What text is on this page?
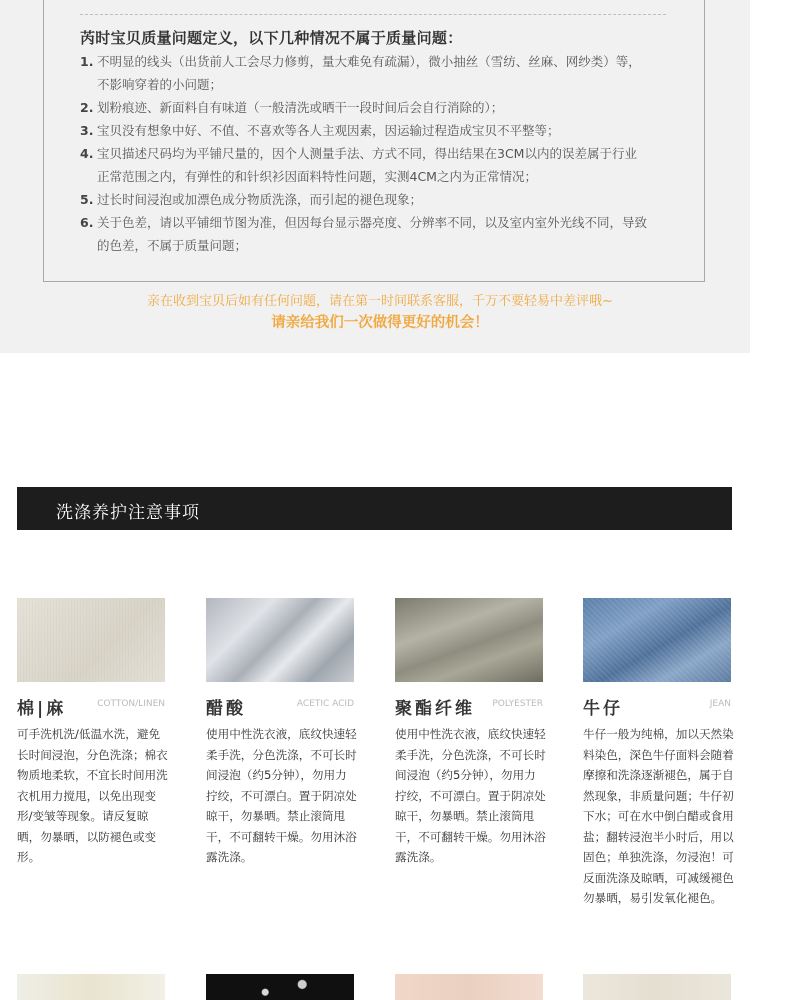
芮时宝贝质量问题定义，以下几种情况不属于质量问题：
1. 不明显的线头（出货前人工会尽力修剪，量大难免有疏漏），微小抽丝（雪纺、丝麻、网纱类）等，
不影响穿着的小问题；
2. 划粉痕迹、新面料自有味道（一般清洗或晒干一段时间后会自行消除的）；
3. 宝贝没有想象中好、不值、不喜欢等各人主观因素，因运输过程造成宝贝不平整等；
4. 宝贝描述尺码均为平铺尺量的，因个人测量手法、方式不同，得出结果在3CM以内的误差属于行业
正常范围之内，有弹性的和针织衫因面料特性问题，实测4CM之内为正常情况；
5. 过长时间浸泡或加漂色成分物质洗涤，而引起的褪色现象；
6. 关于色差，请以平铺细节图为准，但因每台显示器亮度、分辨率不同，以及室内室外光线不同，导致
的色差，不属于质量问题；
亲在收到宝贝后如有任何问题，请在第一时间联系客服，千万不要轻易中差评哦~
请亲给我们一次做得更好的机会！
洗涤养护注意事项
棉|麻	COTTON/LINEN
可手洗机洗/低温水洗，避免长时间浸泡，分色洗涤；棉衣物质地柔软，不宜长时间用洗衣机用力搅甩，以免出现变形/变皱等现象。请反复晾晒，勿暴晒，以防褪色或变形。
醋酸	ACETIC ACID
使用中性洗衣液，底纹快速轻柔手洗，分色洗涤，不可长时间浸泡（约5分钟），勿用力拧绞，不可漂白。置于阴凉处晾干，勿暴晒。禁止滚筒甩干，不可翻转干燥。勿用沐浴露洗涤。
聚酯纤维 POLYESTER
使用中性洗衣液，底纹快速轻柔手洗，分色洗涤，不可长时间浸泡（约5分钟），勿用力拧绞，不可漂白。置于阴凉处晾干，勿暴晒。禁止滚筒甩干，不可翻转干燥。勿用沐浴露洗涤。
牛仔	JEAN
牛仔一般为纯棉，加以天然染料染色，深色牛仔面料会随着摩擦和洗涤逐渐褪色，属于自然现象，非质量问题；牛仔初下水；可在水中倒白醋或食用盐；翻转浸泡半小时后，用以固色；单独洗涤，勿浸泡！可反面洗涤及晾晒，可减缓褪色勿暴晒，易引发氧化褪色。
